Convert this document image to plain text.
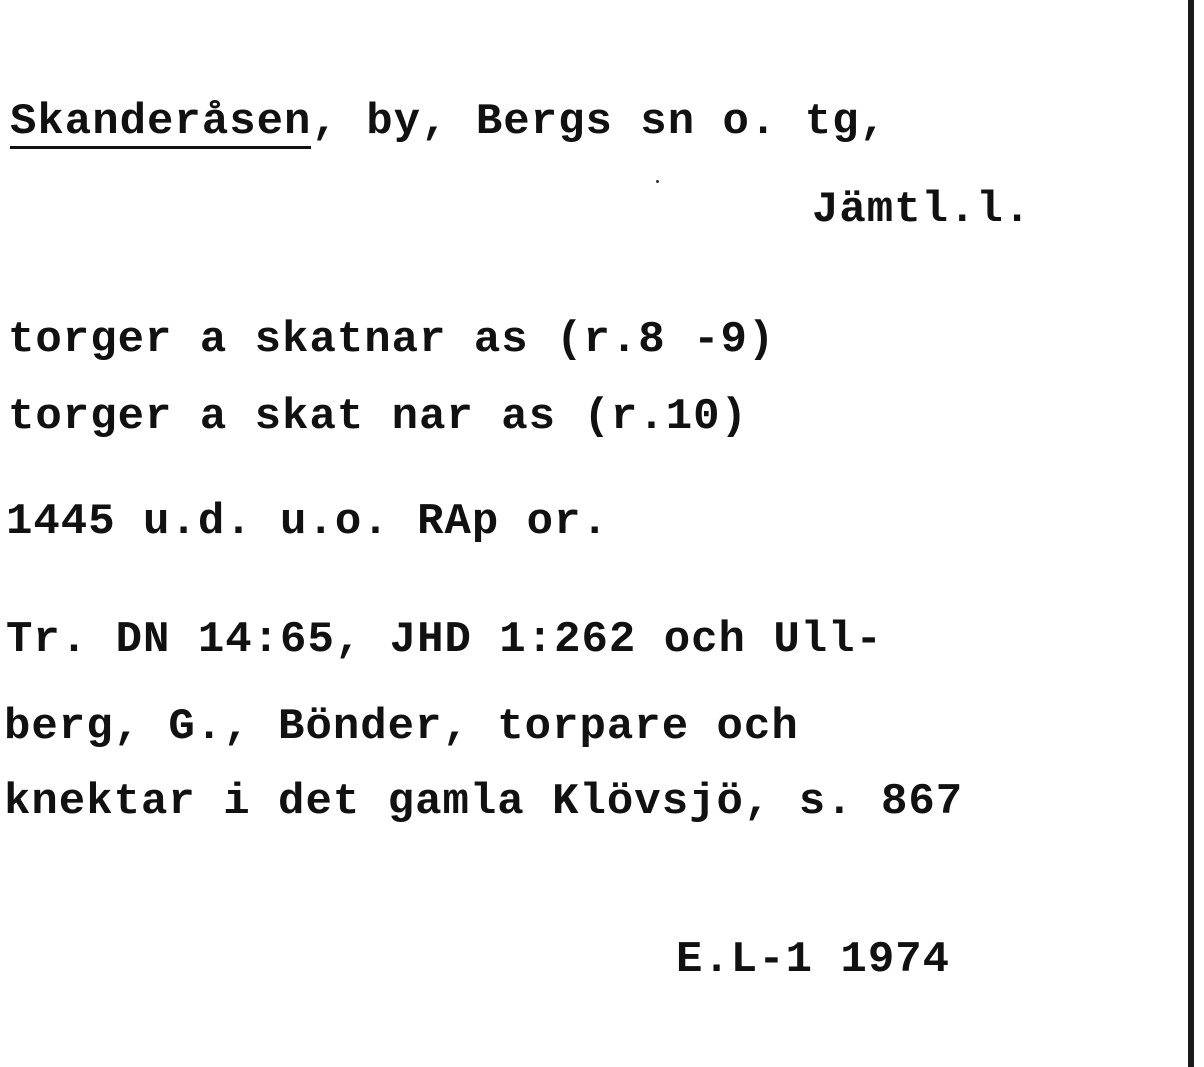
Skanderåsen, by, Bergs sn o. tg,
Jämtl.l.
torger a skatnar as (r.8 -9)
torger a skat nar as (r.10)
1445 u.d. u.o. RAp or.
Tr. DN 14:65, JHD 1:262 och Ull-
berg, G., Bönder, torpare och
knektar i det gamla Klövsjö, s. 867
E.L-1 1974
